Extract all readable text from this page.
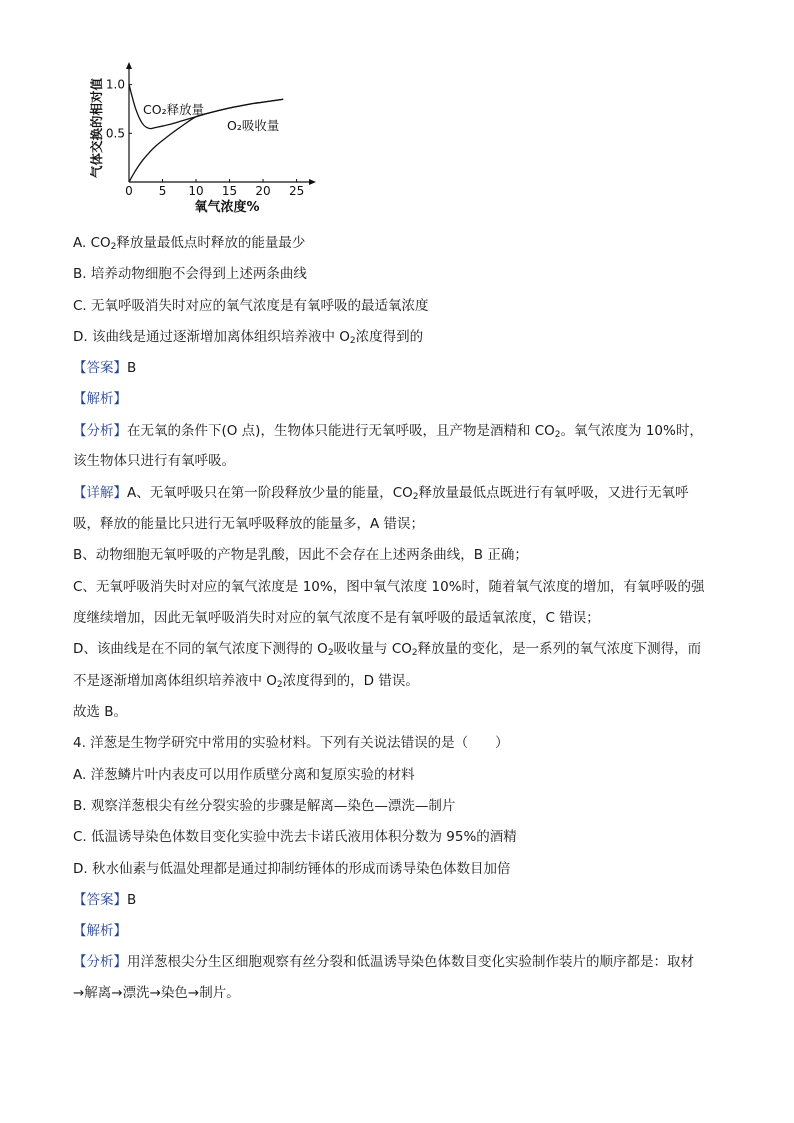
0 5 10 15 20 25
0.5
1.0
CO₂释放量
O₂吸收量
氧气浓度%
气体交换的相对值
A. $CO_2$释放量最低点时释放的能量最少
B. 培养动物细胞不会得到上述两条曲线
C. 无氧呼吸消失时对应的氧气浓度是有氧呼吸的最适氧浓度
D. 该曲线是通过逐渐增加离体组织培养液中 $O_2$浓度得到的
【答案】B
【解析】
【分析】在无氧的条件下(O 点)，生物体只能进行无氧呼吸，且产物是酒精和 $CO_2$。氧气浓度为 10%时，
该生物体只进行有氧呼吸。
【详解】A、无氧呼吸只在第一阶段释放少量的能量，$CO_2$释放量最低点既进行有氧呼吸，又进行无氧呼
吸，释放的能量比只进行无氧呼吸释放的能量多，A 错误；
B、动物细胞无氧呼吸的产物是乳酸，因此不会存在上述两条曲线，B 正确；
C、无氧呼吸消失时对应的氧气浓度是 10%，图中氧气浓度 10%时，随着氧气浓度的增加，有氧呼吸的强
度继续增加，因此无氧呼吸消失时对应的氧气浓度不是有氧呼吸的最适氧浓度，C 错误；
D、该曲线是在不同的氧气浓度下测得的 $O_2$吸收量与 $CO_2$释放量的变化，是一系列的氧气浓度下测得，而
不是逐渐增加离体组织培养液中 $O_2$浓度得到的，D 错误。
故选 B。
4. 洋葱是生物学研究中常用的实验材料。下列有关说法错误的是（　　）
A. 洋葱鳞片叶内表皮可以用作质壁分离和复原实验的材料
B. 观察洋葱根尖有丝分裂实验的步骤是解离—染色—漂洗—制片
C. 低温诱导染色体数目变化实验中洗去卡诺氏液用体积分数为 95%的酒精
D. 秋水仙素与低温处理都是通过抑制纺锤体的形成而诱导染色体数目加倍
【答案】B
【解析】
【分析】用洋葱根尖分生区细胞观察有丝分裂和低温诱导染色体数目变化实验制作装片的顺序都是：取材
→解离→漂洗→染色→制片。
